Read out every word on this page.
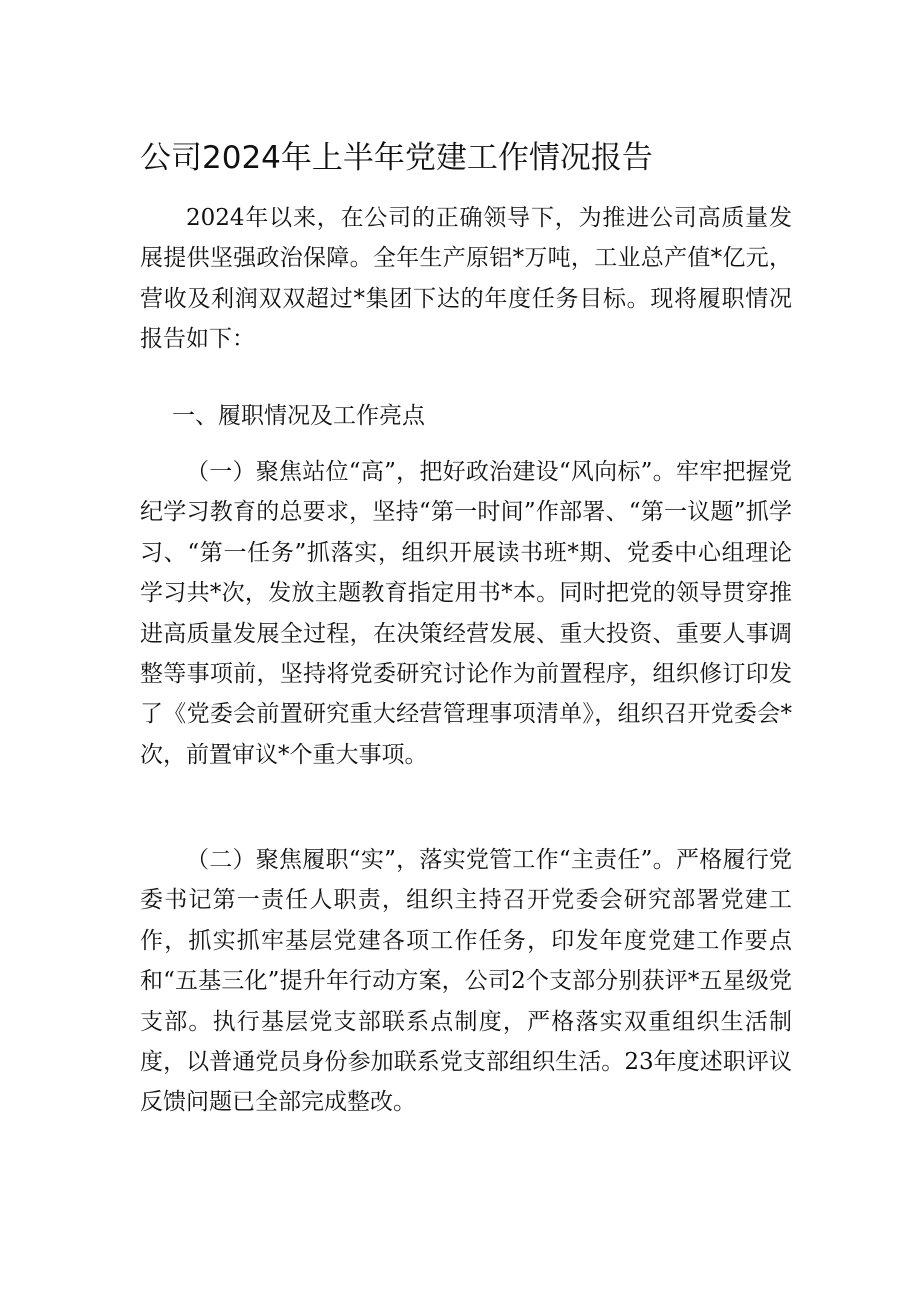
公司2024年上半年党建工作情况报告

2024年以来，在公司的正确领导下，为推进公司高质量发展提供坚强政治保障。全年生产原铝*万吨，工业总产值*亿元，营收及利润双双超过*集团下达的年度任务目标。现将履职情况报告如下：

一、履职情况及工作亮点

（一）聚焦站位“高”，把好政治建设“风向标”。牢牢把握党纪学习教育的总要求，坚持“第一时间”作部署、“第一议题”抓学习、“第一任务”抓落实，组织开展读书班*期、党委中心组理论学习共*次，发放主题教育指定用书*本。同时把党的领导贯穿推进高质量发展全过程，在决策经营发展、重大投资、重要人事调整等事项前，坚持将党委研究讨论作为前置程序，组织修订印发了《党委会前置研究重大经营管理事项清单》，组织召开党委会*次，前置审议*个重大事项。

（二）聚焦履职“实”，落实党管工作“主责任”。严格履行党委书记第一责任人职责，组织主持召开党委会研究部署党建工作，抓实抓牢基层党建各项工作任务，印发年度党建工作要点和“五基三化”提升年行动方案，公司2个支部分别获评*五星级党支部。执行基层党支部联系点制度，严格落实双重组织生活制度，以普通党员身份参加联系党支部组织生活。23年度述职评议反馈问题已全部完成整改。
